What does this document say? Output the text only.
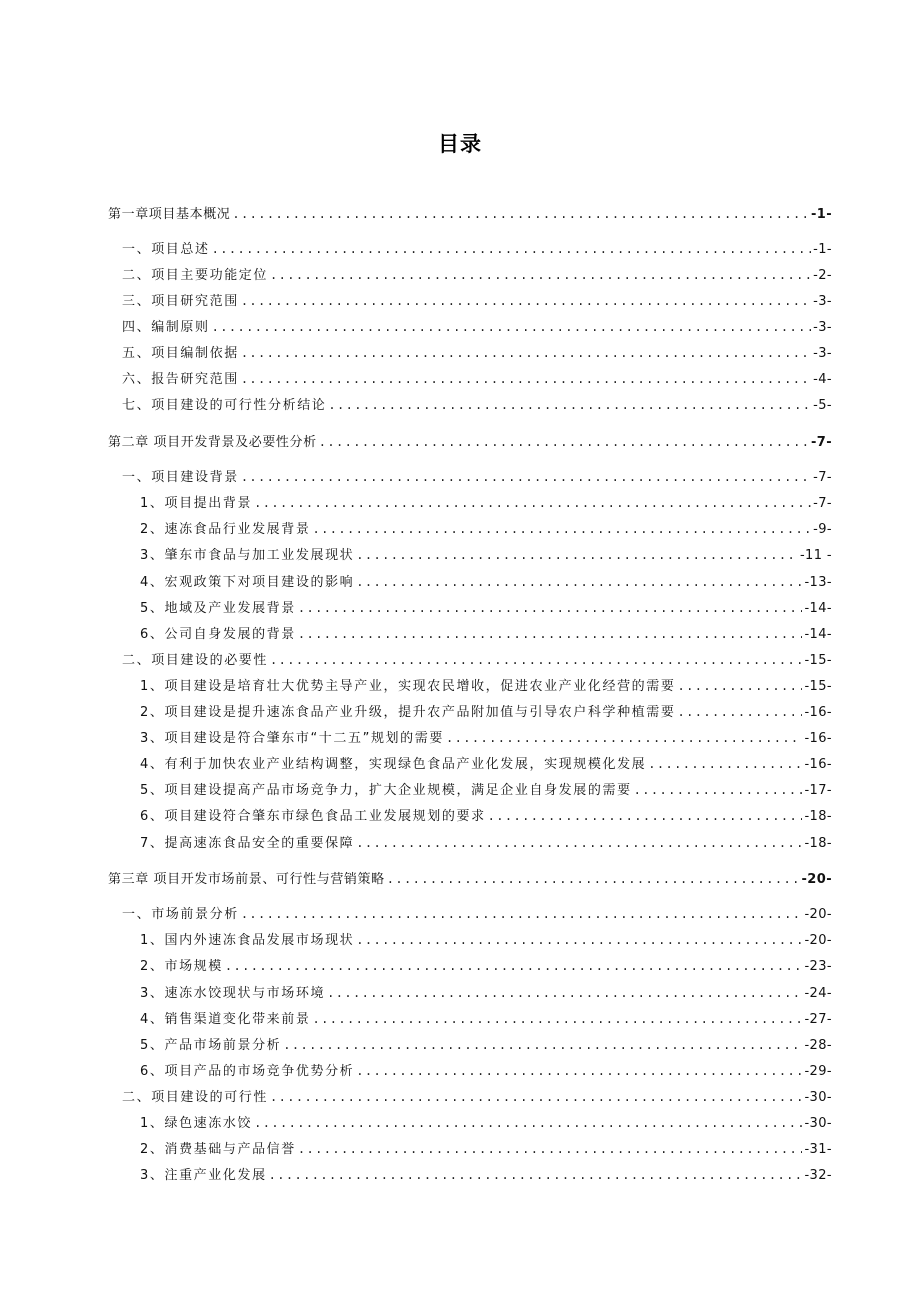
目录
第一章项目基本概况 .....	-1-
一、项目总述 .....	-1-
二、项目主要功能定位 .....	-2-
三、项目研究范围 .....	-3-
四、编制原则 .....	-3-
五、项目编制依据 .....	-3-
六、报告研究范围 .....	-4-
七、项目建设的可行性分析结论 .....	-5-
第二章 项目开发背景及必要性分析 .....	-7-
一、项目建设背景 .....	-7-
1、项目提出背景 .....	-7-
2、速冻食品行业发展背景 .....	-9-
3、肇东市食品与加工业发展现状 .....	-11 -
4、宏观政策下对项目建设的影响 .....	-13-
5、地域及产业发展背景 .....	-14-
6、公司自身发展的背景 .....	-14-
二、项目建设的必要性 .....	-15-
1、项目建设是培育壮大优势主导产业，实现农民增收，促进农业产业化经营的需要 .....	-15-
2、项目建设是提升速冻食品产业升级，提升农产品附加值与引导农户科学种植需要 .....	-16-
3、项目建设是符合肇东市“十二五”规划的需要 .....	-16-
4、有利于加快农业产业结构调整，实现绿色食品产业化发展，实现规模化发展 .....	-16-
5、项目建设提高产品市场竞争力，扩大企业规模，满足企业自身发展的需要 .....	-17-
6、项目建设符合肇东市绿色食品工业发展规划的要求 .....	-18-
7、提高速冻食品安全的重要保障 .....	-18-
第三章 项目开发市场前景、可行性与营销策略 .....	-20-
一、市场前景分析 .....	-20-
1、国内外速冻食品发展市场现状 .....	-20-
2、市场规模 .....	-23-
3、速冻水饺现状与市场环境 .....	-24-
4、销售渠道变化带来前景 .....	-27-
5、产品市场前景分析 .....	-28-
6、项目产品的市场竞争优势分析 .....	-29-
二、项目建设的可行性 .....	-30-
1、绿色速冻水饺 .....	-30-
2、消费基础与产品信誉 .....	-31-
3、注重产业化发展 .....	-32-
